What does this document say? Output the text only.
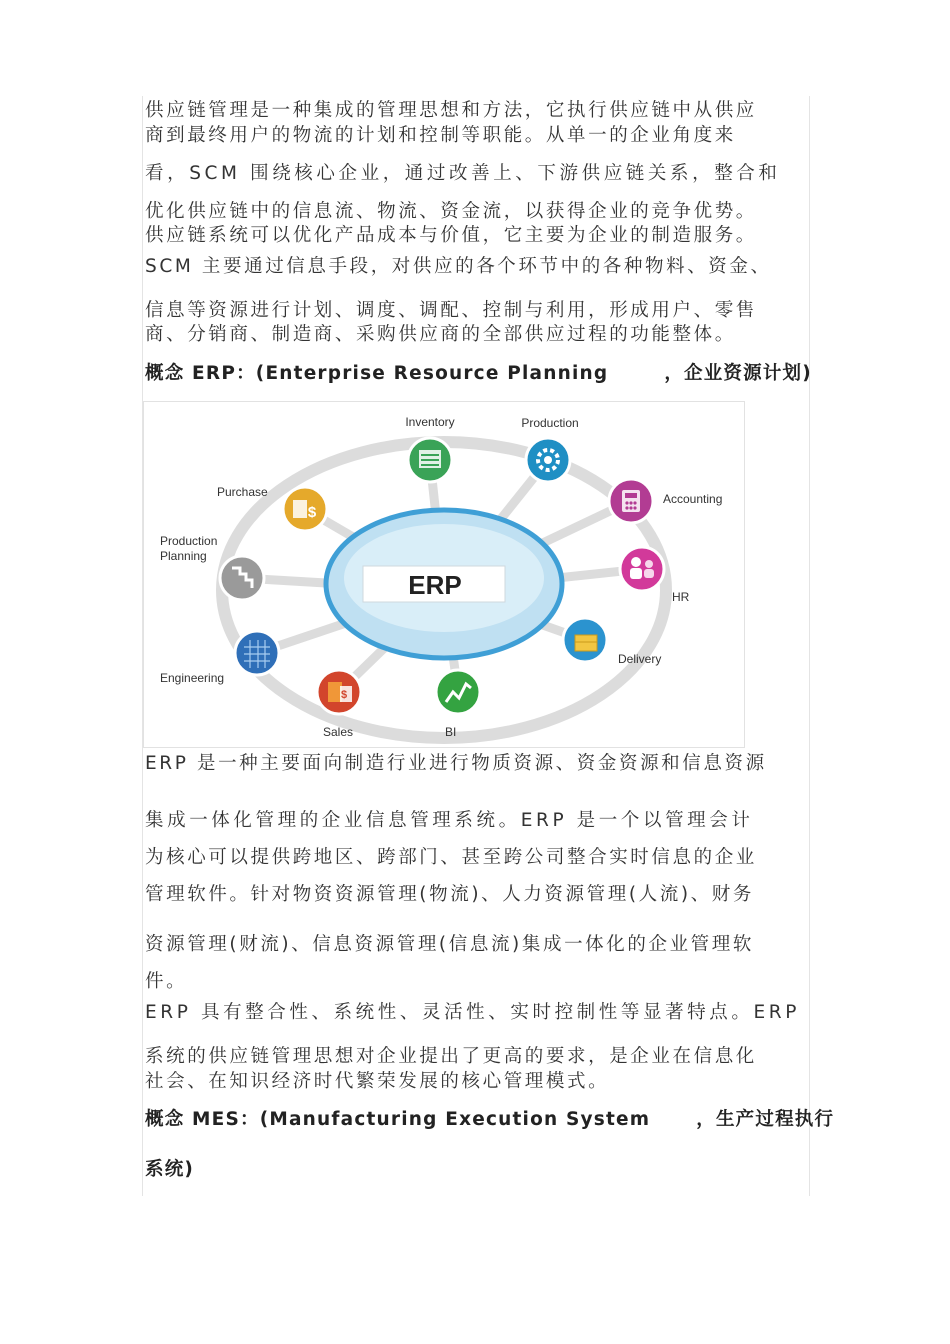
供应链管理是一种集成的管理思想和方法，它执行供应链中从供应
商到最终用户的物流的计划和控制等职能。从单一的企业角度来
看，SCM 围绕核心企业，通过改善上、下游供应链关系，整合和
优化供应链中的信息流、物流、资金流，以获得企业的竞争优势。
供应链系统可以优化产品成本与价值，它主要为企业的制造服务。
SCM 主要通过信息手段，对供应的各个环节中的各种物料、资金、
信息等资源进行计划、调度、调配、控制与利用，形成用户、零售
商、分销商、制造商、采购供应商的全部供应过程的功能整体。
概念 ERP：(Enterprise Resource Planning	，企业资源计划)
ERP
Inventory	Production
Accounting
HR
Delivery
BI
$
Sales
Engineering
Production
Planning
$
Purchase
ERP 是一种主要面向制造行业进行物质资源、资金资源和信息资源
集成一体化管理的企业信息管理系统。ERP 是一个以管理会计
为核心可以提供跨地区、跨部门、甚至跨公司整合实时信息的企业
管理软件。针对物资资源管理(物流)、人力资源管理(人流)、财务
资源管理(财流)、信息资源管理(信息流)集成一体化的企业管理软
件。
ERP 具有整合性、系统性、灵活性、实时控制性等显著特点。ERP
系统的供应链管理思想对企业提出了更高的要求，是企业在信息化
社会、在知识经济时代繁荣发展的核心管理模式。
概念 MES：(Manufacturing Execution System ，生产过程执行
系统)
